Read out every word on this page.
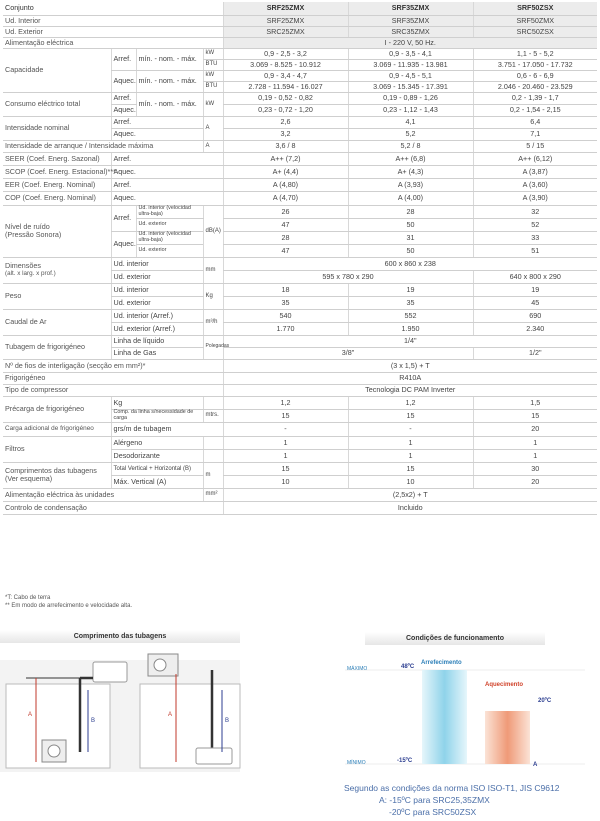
Conjunto				SRF25ZMX	SRF35ZMX	SRF50ZSX
Ud. Interior				SRF25ZMX	SRF35ZMX	SRF50ZMX
Ud. Exterior				SRC25ZMX	SRC35ZMX	SRC50ZSX
Alimentação eléctrica				I - 220 V, 50 Hz.		
Capacidade	Arref.	mín. - nom. - máx.	kW	0,9 - 2,5 - 3,2	0,9 - 3,5 - 4,1	1,1 - 5 - 5,2
			BTU	3.069 - 8.525 - 10.912	3.069 - 11.935 - 13.981	3.751 - 17.050 - 17.732
	Aquec.	mín. - nom. - máx.	kW	0,9 - 3,4 - 4,7	0,9 - 4,5 - 5,1	0,6 - 6 - 6,9
			BTU	2.728 - 11.594 - 16.027	3.069 - 15.345 - 17.391	2.046 - 20.460 - 23.529
Consumo eléctrico total	Arref.	mín. - nom. - máx.	kW	0,19 - 0,52 - 0,82	0,19 - 0,89 - 1,26	0,2 - 1,39 - 1,7
	Aquec.			0,23 - 0,72 - 1,20	0,23 - 1,12 - 1,43	0,2 - 1,54 - 2,15
Intensidade nominal	Arref.		A	2,6	4,1	6,4
	Aquec.			3,2	5,2	7,1
Intensidade de arranque / Intensidade máxima			A	3,6 / 8	5,2 / 8	5 / 15
SEER (Coef. Energ. Sazonal)	Arref.			A++ (7,2)	A++ (6,8)	A++ (6,12)
SCOP (Coef. Energ. Estacional)***	Aquec.			A+ (4,4)	A+ (4,3)	A (3,87)
EER (Coef. Energ. Nominal)	Arref.			A (4,80)	A (3,93)	A (3,60)
COP (Coef. Energ. Nominal)	Aquec.			A (4,70)	A (4,00)	A (3,90)
Nível de ruído
(Pressão Sonora)	Arref.	Ud. interior (velocidad ultra-baja)	dB(A)	26	28	32
		Ud. exterior		47	50	52
	Aquec.	Ud. interior (velocidad ultra-baja)		28	31	33
		Ud. exterior		47	50	51
Dimensões
(alt. x larg. x prof.)	Ud. interior		mm	600 x 860 x 238		
	Ud. exterior			595 x 780 x 290		640 x 800 x 290
Peso	Ud. interior		Kg	18	19	19
	Ud. exterior			35	35	45
Caudal de Ar	Ud. interior (Arref.)		m³/h	540	552	690
	Ud. exterior (Arref.)			1.770	1.950	2.340
Tubagem de frigorigéneo	Linha de líquido		Polegadas	1/4"		
	Linha de Gas			3/8"		1/2"
Nº de fios de interligação (secção em mm²)*				(3 x 1,5) + T		
Frigorigéneo				R410A		
Tipo de compressor				Tecnologia DC PAM Inverter		
Précarga de frigorigéneo	Kg			1,2	1,2	1,5
	Comp. da linha s/necessidade de carga		mtrs.	15	15	15
Carga adicional de frigorigéneo	grs/m de tubagem			-	-	20
Filtros	Alérgeno			1	1	1
	Desodorizante			1	1	1
Comprimentos das tubagens (Ver esquema)	Total Vertical + Horizontal (B)		m	15	15	30
	Máx. Vertical (A)			10	10	20
Alimentação eléctrica às unidades			mm²	(2,5x2) + T		
Controlo de condensação				Incluido		
*T: Cabo de terra
** Em modo de arrefecimento e velocidade alta.
Comprimento das tubagens
A
B
A
B
Condições de funcionamento
MÁXIMO
MÍNIMO
48ºC
-15ºC
Arrefecimento
Aquecimento
20ºC
A
Segundo as condições da norma ISO ISO-T1, JIS C9612
A: -15ºC para SRC25,35ZMX
-20ºC para SRC50ZSX
